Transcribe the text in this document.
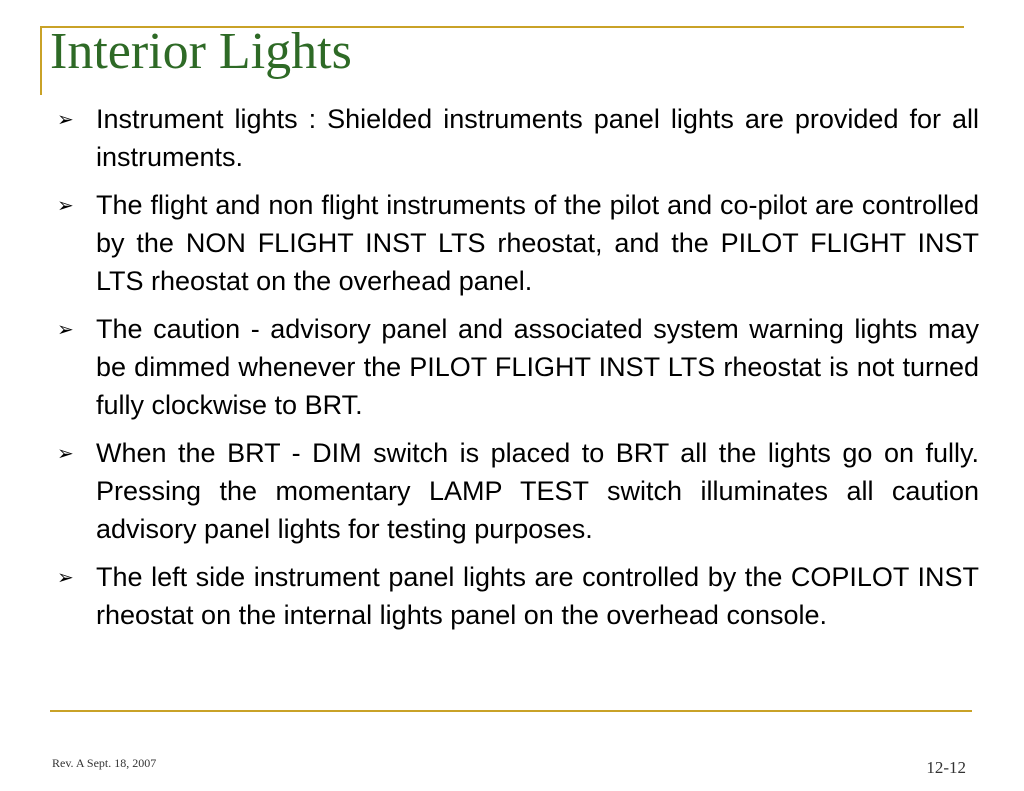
Interior Lights
➢ Instrument lights : Shielded instruments panel lights are provided for all instruments.
➢ The flight and non flight instruments of the pilot and co-pilot are controlled by the NON FLIGHT INST LTS rheostat, and the PILOT FLIGHT INST LTS rheostat on the overhead panel.
➢ The caution - advisory panel and associated system warning lights may be dimmed whenever the PILOT FLIGHT INST LTS rheostat is not turned fully clockwise to BRT.
➢ When the BRT - DIM switch is placed to BRT all the lights go on fully. Pressing the momentary LAMP TEST switch illuminates all caution advisory panel lights for testing purposes.
➢ The left side instrument panel lights are controlled by the COPILOT INST rheostat on the internal lights panel on the overhead console.
Rev. A Sept. 18, 2007	12-12
